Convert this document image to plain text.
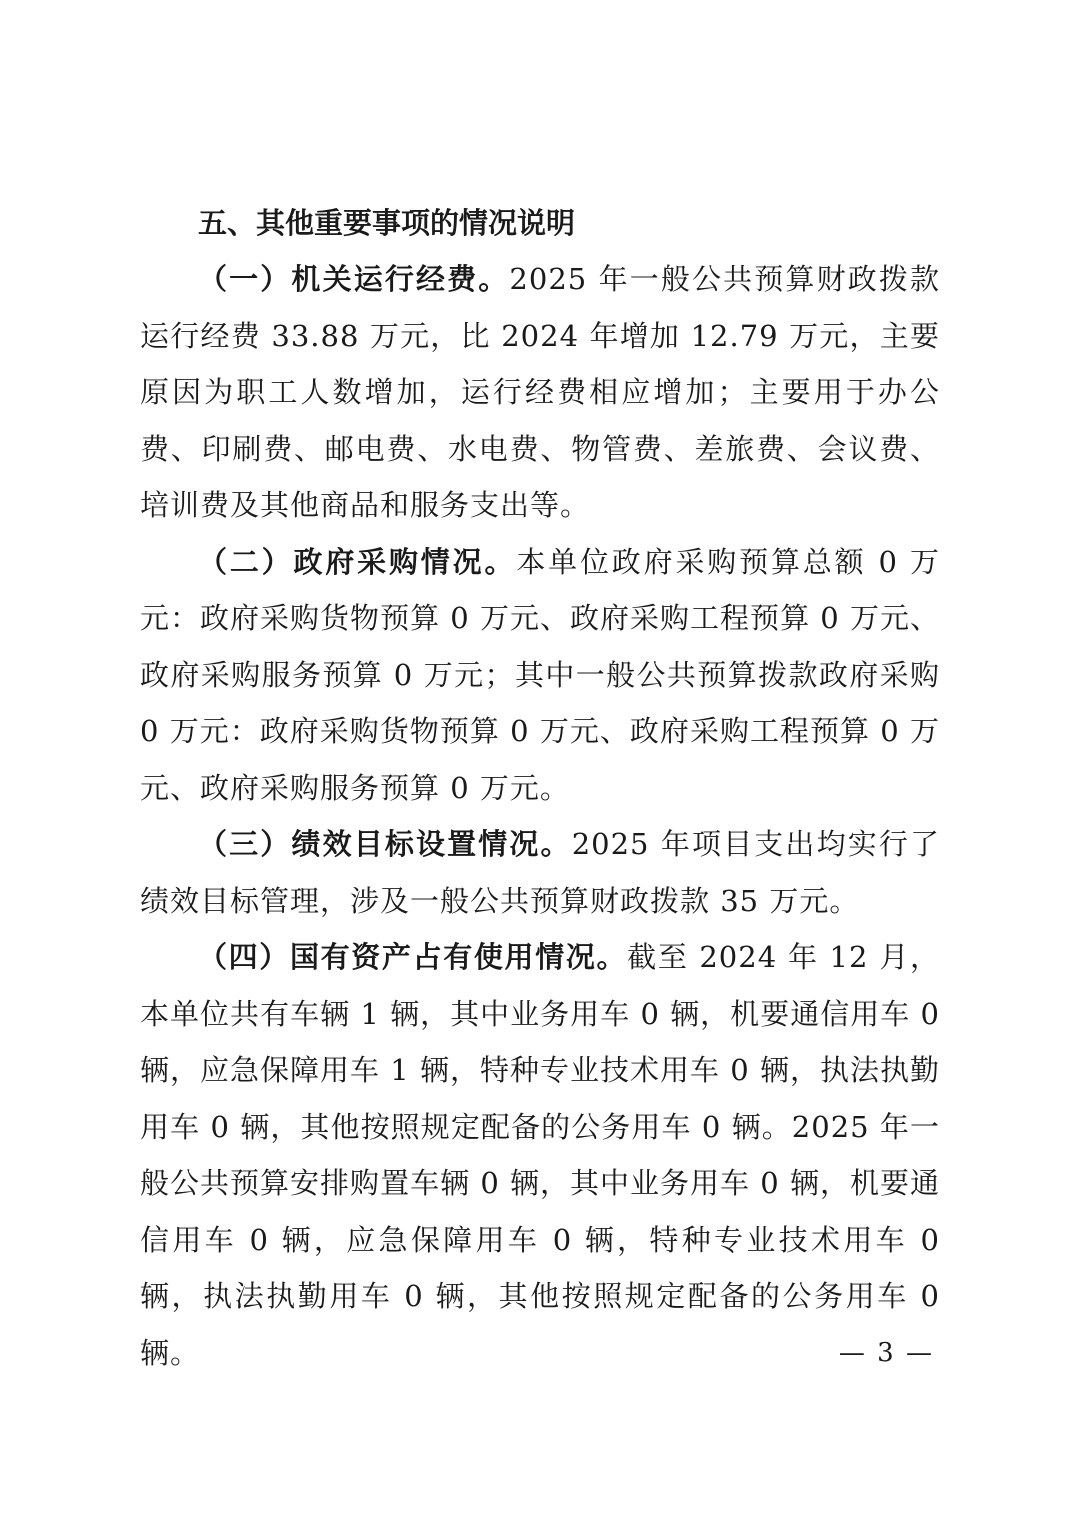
五、其他重要事项的情况说明

（一）机关运行经费。2025 年一般公共预算财政拨款运行经费 33.88 万元，比 2024 年增加 12.79 万元，主要原因为职工人数增加，运行经费相应增加；主要用于办公费、印刷费、邮电费、水电费、物管费、差旅费、会议费、培训费及其他商品和服务支出等。

（二）政府采购情况。本单位政府采购预算总额 0 万元：政府采购货物预算 0 万元、政府采购工程预算 0 万元、政府采购服务预算 0 万元；其中一般公共预算拨款政府采购 0 万元：政府采购货物预算 0 万元、政府采购工程预算 0 万元、政府采购服务预算 0 万元。

（三）绩效目标设置情况。2025 年项目支出均实行了绩效目标管理，涉及一般公共预算财政拨款 35 万元。

（四）国有资产占有使用情况。截至 2024 年 12 月，本单位共有车辆 1 辆，其中业务用车 0 辆，机要通信用车 0 辆，应急保障用车 1 辆，特种专业技术用车 0 辆，执法执勤用车 0 辆，其他按照规定配备的公务用车 0 辆。2025 年一般公共预算安排购置车辆 0 辆，其中业务用车 0 辆，机要通信用车 0 辆，应急保障用车 0 辆，特种专业技术用车 0 辆，执法执勤用车 0 辆，其他按照规定配备的公务用车 0 辆。	— 3 —
